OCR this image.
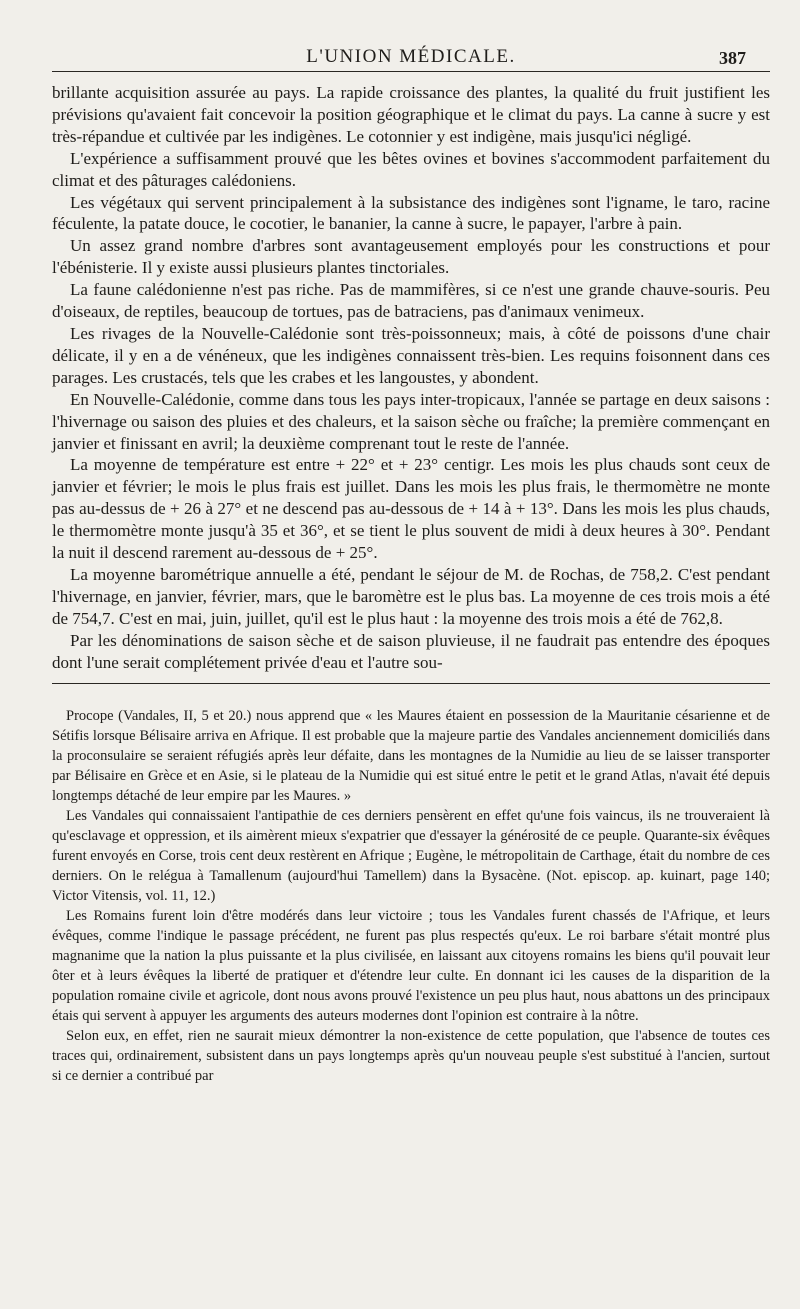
L'UNION MÉDICALE.	387

brillante acquisition assurée au pays. La rapide croissance des plantes, la qualité du fruit justifient les prévisions qu'avaient fait concevoir la position géographique et le climat du pays. La canne à sucre y est très-répandue et cultivée par les indigènes. Le cotonnier y est indigène, mais jusqu'ici négligé.

L'expérience a suffisamment prouvé que les bêtes ovines et bovines s'accommodent parfaitement du climat et des pâturages calédoniens.

Les végétaux qui servent principalement à la subsistance des indigènes sont l'igname, le taro, racine féculente, la patate douce, le cocotier, le bananier, la canne à sucre, le papayer, l'arbre à pain.

Un assez grand nombre d'arbres sont avantageusement employés pour les constructions et pour l'ébénisterie. Il y existe aussi plusieurs plantes tinctoriales.

La faune calédonienne n'est pas riche. Pas de mammifères, si ce n'est une grande chauve-souris. Peu d'oiseaux, de reptiles, beaucoup de tortues, pas de batraciens, pas d'animaux venimeux.

Les rivages de la Nouvelle-Calédonie sont très-poissonneux; mais, à côté de poissons d'une chair délicate, il y en a de vénéneux, que les indigènes connaissent très-bien. Les requins foisonnent dans ces parages. Les crustacés, tels que les crabes et les langoustes, y abondent.

En Nouvelle-Calédonie, comme dans tous les pays inter-tropicaux, l'année se partage en deux saisons : l'hivernage ou saison des pluies et des chaleurs, et la saison sèche ou fraîche; la première commençant en janvier et finissant en avril; la deuxième comprenant tout le reste de l'année.

La moyenne de température est entre + 22° et + 23° centigr. Les mois les plus chauds sont ceux de janvier et février; le mois le plus frais est juillet. Dans les mois les plus frais, le thermomètre ne monte pas au-dessus de + 26 à 27° et ne descend pas au-dessous de + 14 à + 13°. Dans les mois les plus chauds, le thermomètre monte jusqu'à 35 et 36°, et se tient le plus souvent de midi à deux heures à 30°. Pendant la nuit il descend rarement au-dessous de + 25°.

La moyenne barométrique annuelle a été, pendant le séjour de M. de Rochas, de 758,2. C'est pendant l'hivernage, en janvier, février, mars, que le baromètre est le plus bas. La moyenne de ces trois mois a été de 754,7. C'est en mai, juin, juillet, qu'il est le plus haut : la moyenne des trois mois a été de 762,8.

Par les dénominations de saison sèche et de saison pluvieuse, il ne faudrait pas entendre des époques dont l'une serait complétement privée d'eau et l'autre sou-

Procope (Vandales, II, 5 et 20.) nous apprend que « les Maures étaient en possession de la Mauritanie césarienne et de Sétifis lorsque Bélisaire arriva en Afrique. Il est probable que la majeure partie des Vandales anciennement domiciliés dans la proconsulaire se seraient réfugiés après leur défaite, dans les montagnes de la Numidie au lieu de se laisser transporter par Bélisaire en Grèce et en Asie, si le plateau de la Numidie qui est situé entre le petit et le grand Atlas, n'avait été depuis longtemps détaché de leur empire par les Maures. »

Les Vandales qui connaissaient l'antipathie de ces derniers pensèrent en effet qu'une fois vaincus, ils ne trouveraient là qu'esclavage et oppression, et ils aimèrent mieux s'expatrier que d'essayer la générosité de ce peuple. Quarante-six évêques furent envoyés en Corse, trois cent deux restèrent en Afrique ; Eugène, le métropolitain de Carthage, était du nombre de ces derniers. On le relégua à Tamallenum (aujourd'hui Tamellem) dans la Bysacène. (Not. episcop. ap. kuinart, page 140; Victor Vitensis, vol. 11, 12.)

Les Romains furent loin d'être modérés dans leur victoire ; tous les Vandales furent chassés de l'Afrique, et leurs évêques, comme l'indique le passage précédent, ne furent pas plus respectés qu'eux. Le roi barbare s'était montré plus magnanime que la nation la plus puissante et la plus civilisée, en laissant aux citoyens romains les biens qu'il pouvait leur ôter et à leurs évêques la liberté de pratiquer et d'étendre leur culte. En donnant ici les causes de la disparition de la population romaine civile et agricole, dont nous avons prouvé l'existence un peu plus haut, nous abattons un des principaux étais qui servent à appuyer les arguments des auteurs modernes dont l'opinion est contraire à la nôtre.

Selon eux, en effet, rien ne saurait mieux démontrer la non-existence de cette population, que l'absence de toutes ces traces qui, ordinairement, subsistent dans un pays longtemps après qu'un nouveau peuple s'est substitué à l'ancien, surtout si ce dernier a contribué par
